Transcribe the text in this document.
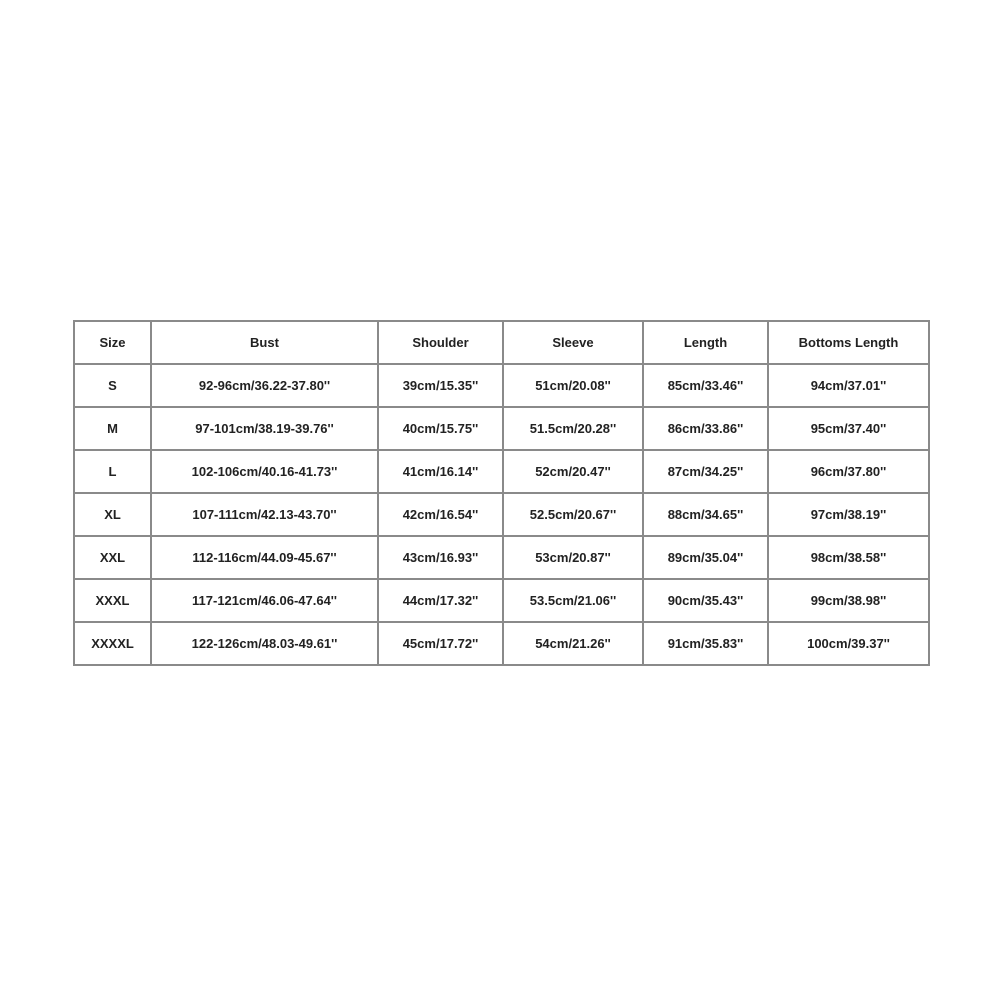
Size	Bust	Shoulder	Sleeve	Length	Bottoms Length
S	92-96cm/36.22-37.80''	39cm/15.35''	51cm/20.08''	85cm/33.46''	94cm/37.01''
M	97-101cm/38.19-39.76''	40cm/15.75''	51.5cm/20.28''	86cm/33.86''	95cm/37.40''
L	102-106cm/40.16-41.73''	41cm/16.14''	52cm/20.47''	87cm/34.25''	96cm/37.80''
XL	107-111cm/42.13-43.70''	42cm/16.54''	52.5cm/20.67''	88cm/34.65''	97cm/38.19''
XXL	112-116cm/44.09-45.67''	43cm/16.93''	53cm/20.87''	89cm/35.04''	98cm/38.58''
XXXL	117-121cm/46.06-47.64''	44cm/17.32''	53.5cm/21.06''	90cm/35.43''	99cm/38.98''
XXXXL	122-126cm/48.03-49.61''	45cm/17.72''	54cm/21.26''	91cm/35.83''	100cm/39.37''
